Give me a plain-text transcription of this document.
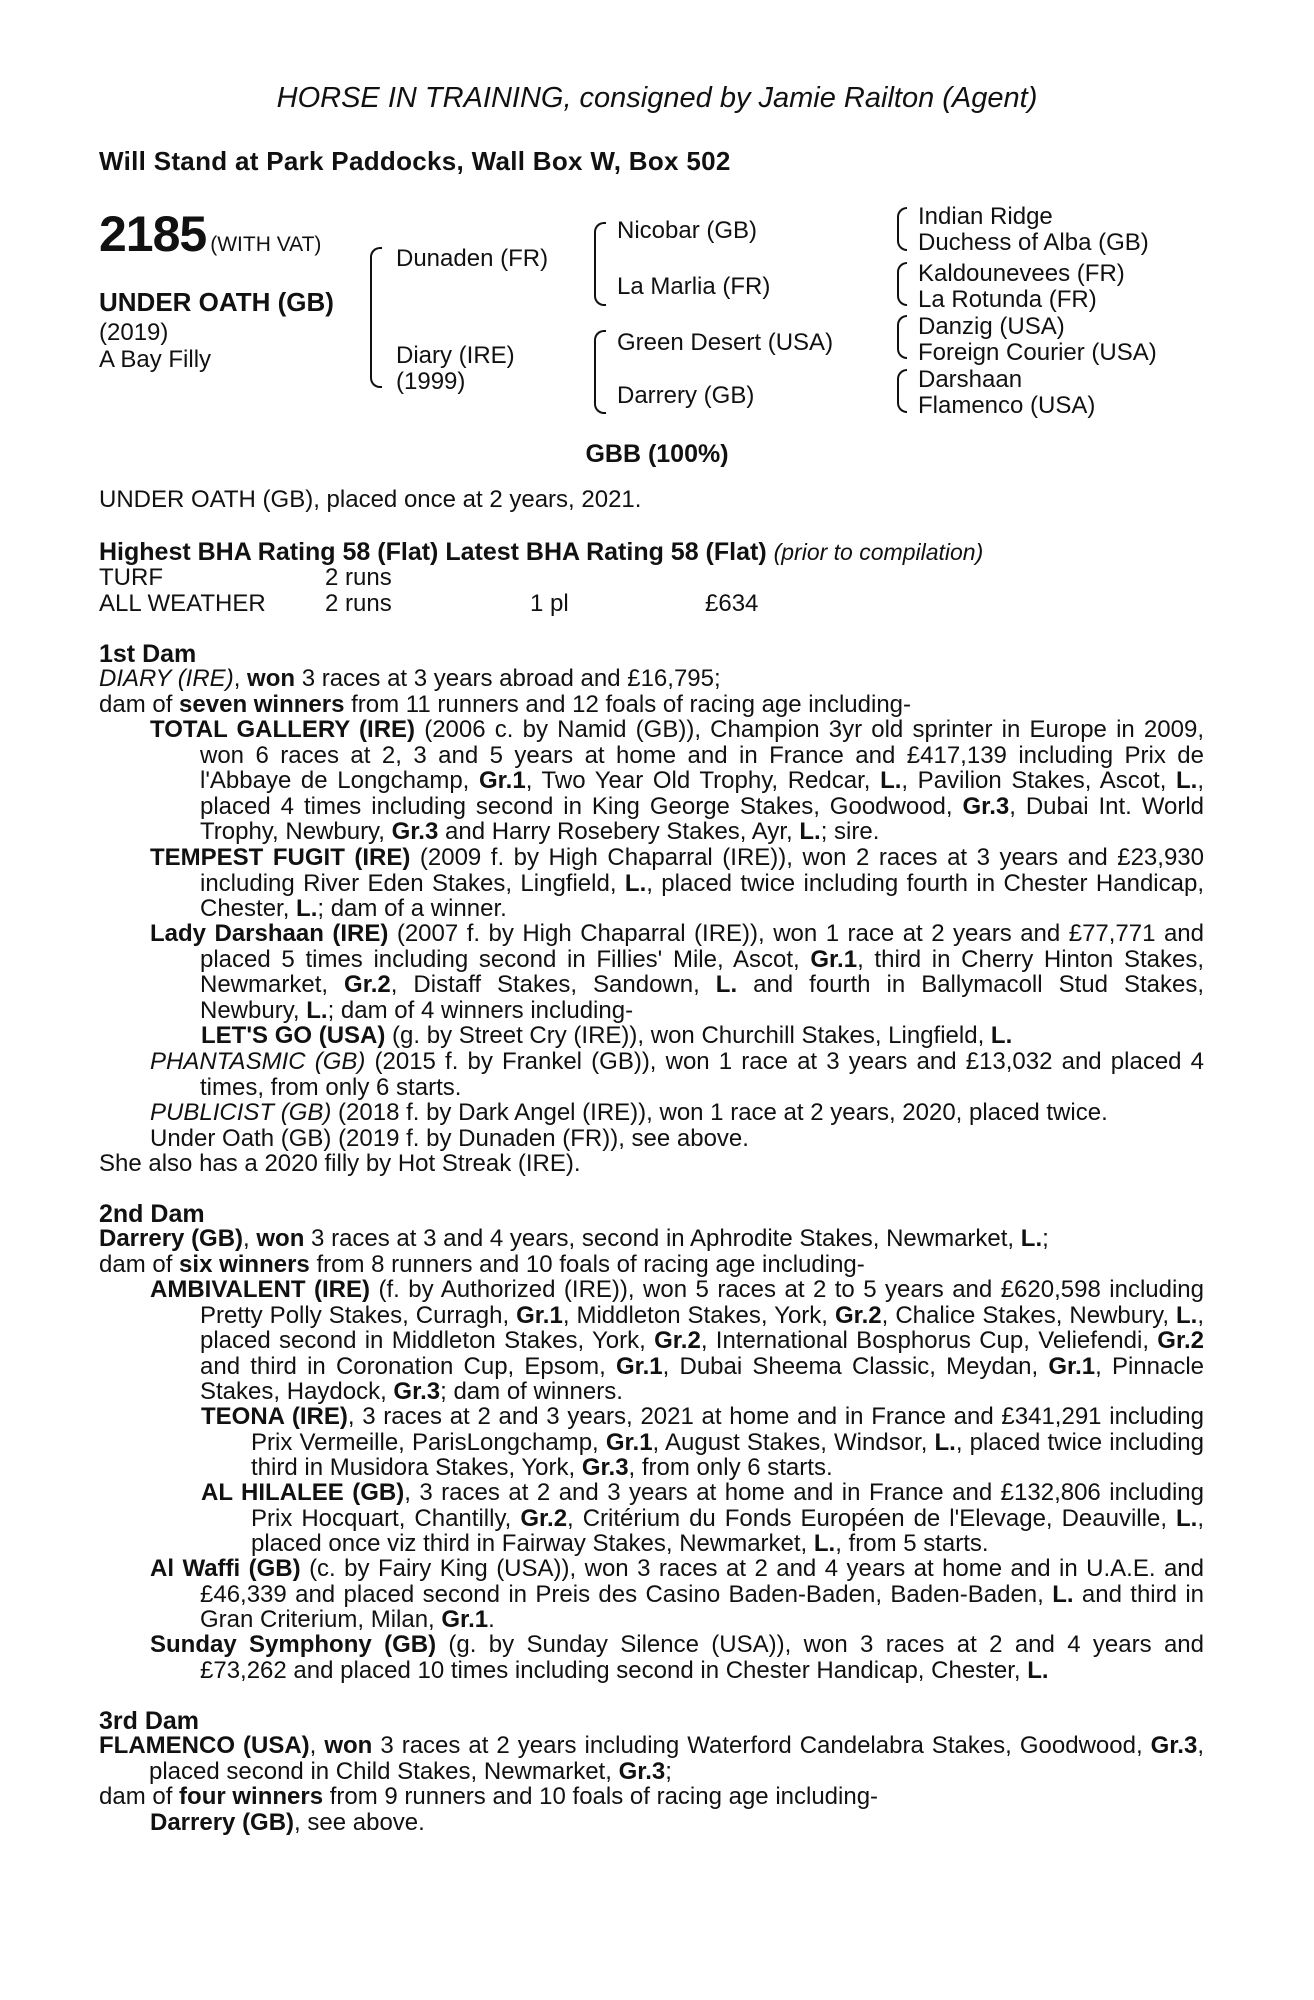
HORSE IN TRAINING, consigned by Jamie Railton (Agent)
Will Stand at Park Paddocks, Wall Box W, Box 502
2185 (WITH VAT)
UNDER OATH (GB)
(2019)
A Bay Filly
Dunaden (FR)
Diary (IRE)
(1999)
Nicobar (GB)
La Marlia (FR)
Green Desert (USA)
Darrery (GB)
Indian Ridge
Duchess of Alba (GB)
Kaldounevees (FR)
La Rotunda (FR)
Danzig (USA)
Foreign Courier (USA)
Darshaan
Flamenco (USA)
GBB (100%)
UNDER OATH (GB), placed once at 2 years, 2021.
Highest BHA Rating 58 (Flat) Latest BHA Rating 58 (Flat) (prior to compilation)
TURF	2 runs
ALL WEATHER 2 runs	1 pl	£634
1st Dam
DIARY (IRE), won 3 races at 3 years abroad and £16,795;
dam of seven winners from 11 runners and 12 foals of racing age including-
TOTAL GALLERY (IRE) (2006 c. by Namid (GB)), Champion 3yr old sprinter in Europe in 2009, won 6 races at 2, 3 and 5 years at home and in France and £417,139 including Prix de l'Abbaye de Longchamp, Gr.1, Two Year Old Trophy, Redcar, L., Pavilion Stakes, Ascot, L., placed 4 times including second in King George Stakes, Goodwood, Gr.3, Dubai Int. World Trophy, Newbury, Gr.3 and Harry Rosebery Stakes, Ayr, L.; sire.
TEMPEST FUGIT (IRE) (2009 f. by High Chaparral (IRE)), won 2 races at 3 years and £23,930 including River Eden Stakes, Lingfield, L., placed twice including fourth in Chester Handicap, Chester, L.; dam of a winner.
Lady Darshaan (IRE) (2007 f. by High Chaparral (IRE)), won 1 race at 2 years and £77,771 and placed 5 times including second in Fillies' Mile, Ascot, Gr.1, third in Cherry Hinton Stakes, Newmarket, Gr.2, Distaff Stakes, Sandown, L. and fourth in Ballymacoll Stud Stakes, Newbury, L.; dam of 4 winners including-
LET'S GO (USA) (g. by Street Cry (IRE)), won Churchill Stakes, Lingfield, L.
PHANTASMIC (GB) (2015 f. by Frankel (GB)), won 1 race at 3 years and £13,032 and placed 4 times, from only 6 starts.
PUBLICIST (GB) (2018 f. by Dark Angel (IRE)), won 1 race at 2 years, 2020, placed twice.
Under Oath (GB) (2019 f. by Dunaden (FR)), see above.
She also has a 2020 filly by Hot Streak (IRE).
2nd Dam
Darrery (GB), won 3 races at 3 and 4 years, second in Aphrodite Stakes, Newmarket, L.;
dam of six winners from 8 runners and 10 foals of racing age including-
AMBIVALENT (IRE) (f. by Authorized (IRE)), won 5 races at 2 to 5 years and £620,598 including Pretty Polly Stakes, Curragh, Gr.1, Middleton Stakes, York, Gr.2, Chalice Stakes, Newbury, L., placed second in Middleton Stakes, York, Gr.2, International Bosphorus Cup, Veliefendi, Gr.2 and third in Coronation Cup, Epsom, Gr.1, Dubai Sheema Classic, Meydan, Gr.1, Pinnacle Stakes, Haydock, Gr.3; dam of winners.
TEONA (IRE), 3 races at 2 and 3 years, 2021 at home and in France and £341,291 including Prix Vermeille, ParisLongchamp, Gr.1, August Stakes, Windsor, L., placed twice including third in Musidora Stakes, York, Gr.3, from only 6 starts.
AL HILALEE (GB), 3 races at 2 and 3 years at home and in France and £132,806 including Prix Hocquart, Chantilly, Gr.2, Critérium du Fonds Européen de l'Elevage, Deauville, L., placed once viz third in Fairway Stakes, Newmarket, L., from 5 starts.
Al Waffi (GB) (c. by Fairy King (USA)), won 3 races at 2 and 4 years at home and in U.A.E. and £46,339 and placed second in Preis des Casino Baden-Baden, Baden-Baden, L. and third in Gran Criterium, Milan, Gr.1.
Sunday Symphony (GB) (g. by Sunday Silence (USA)), won 3 races at 2 and 4 years and £73,262 and placed 10 times including second in Chester Handicap, Chester, L.
3rd Dam
FLAMENCO (USA), won 3 races at 2 years including Waterford Candelabra Stakes, Goodwood, Gr.3, placed second in Child Stakes, Newmarket, Gr.3;
dam of four winners from 9 runners and 10 foals of racing age including-
Darrery (GB), see above.
